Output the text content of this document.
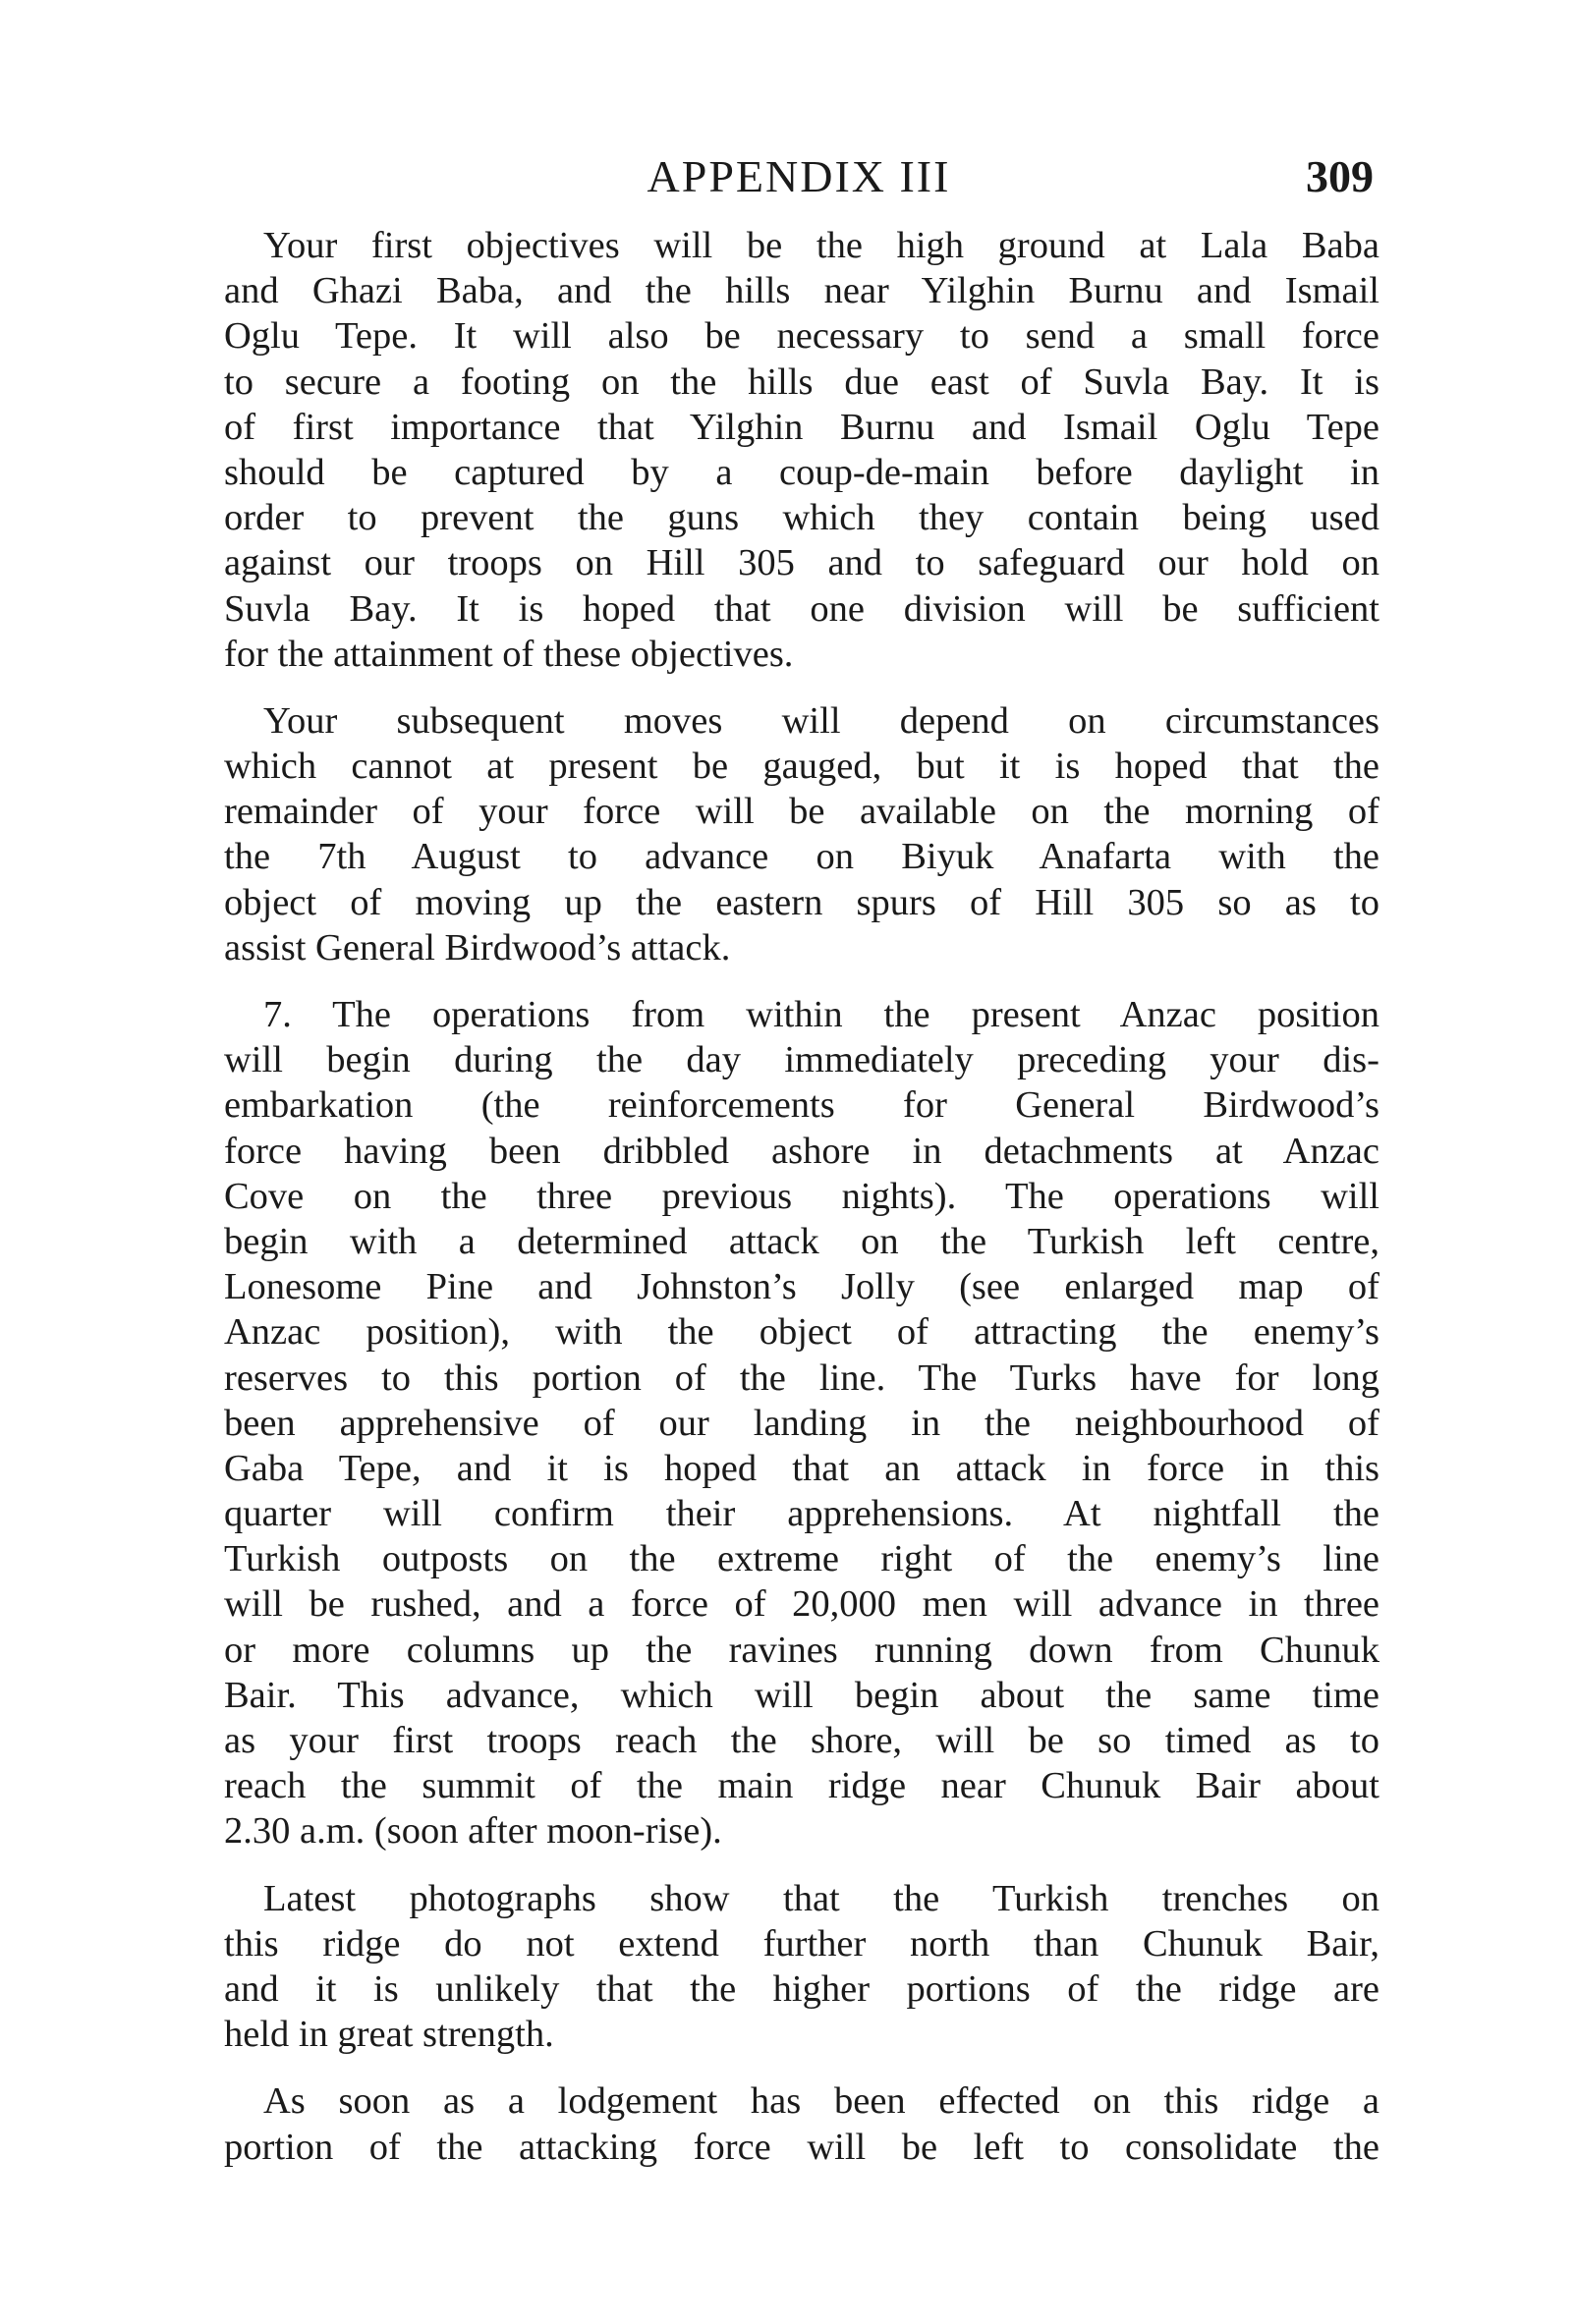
APPENDIX III	309
Your first objectives will be the high ground at Lala Baba
and Ghazi Baba, and the hills near Yilghin Burnu and Ismail
Oglu Tepe. It will also be necessary to send a small force
to secure a footing on the hills due east of Suvla Bay. It is
of first importance that Yilghin Burnu and Ismail Oglu Tepe
should be captured by a coup-de-main before daylight in
order to prevent the guns which they contain being used
against our troops on Hill 305 and to safeguard our hold on
Suvla Bay. It is hoped that one division will be sufficient
for the attainment of these objectives.
Your subsequent moves will depend on circumstances
which cannot at present be gauged, but it is hoped that the
remainder of your force will be available on the morning of
the 7th August to advance on Biyuk Anafarta with the
object of moving up the eastern spurs of Hill 305 so as to
assist General Birdwood’s attack.
7. The operations from within the present Anzac position
will begin during the day immediately preceding your dis-
embarkation (the reinforcements for General Birdwood’s
force having been dribbled ashore in detachments at Anzac
Cove on the three previous nights). The operations will
begin with a determined attack on the Turkish left centre,
Lonesome Pine and Johnston’s Jolly (see enlarged map of
Anzac position), with the object of attracting the enemy’s
reserves to this portion of the line. The Turks have for long
been apprehensive of our landing in the neighbourhood of
Gaba Tepe, and it is hoped that an attack in force in this
quarter will confirm their apprehensions. At nightfall the
Turkish outposts on the extreme right of the enemy’s line
will be rushed, and a force of 20,000 men will advance in three
or more columns up the ravines running down from Chunuk
Bair. This advance, which will begin about the same time
as your first troops reach the shore, will be so timed as to
reach the summit of the main ridge near Chunuk Bair about
2.30 a.m. (soon after moon-rise).
Latest photographs show that the Turkish trenches on
this ridge do not extend further north than Chunuk Bair,
and it is unlikely that the higher portions of the ridge are
held in great strength.
As soon as a lodgement has been effected on this ridge a
portion of the attacking force will be left to consolidate the
